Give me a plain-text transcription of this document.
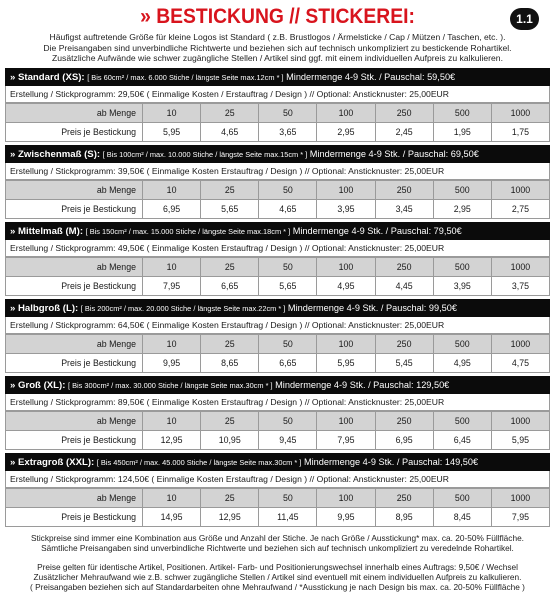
» BESTICKUNG // STICKEREI:	1.1
Häufigst auftretende Größe für kleine Logos ist Standard ( z.B. Brustlogos / Ärmelsticke / Cap / Mützen / Taschen, etc. ).
Die Preisangaben sind unverbindliche Richtwerte und beziehen sich auf technisch unkompliziert zu bestickende Rohartikel.
Zusätzliche Aufwände wie schwer zugängliche Stellen / Artikel sind ggf. mit einem individuellen Aufpreis zu kalkulieren.
» Standard (XS): [ Bis 60cm² / max. 6.000 Stiche / längste Seite max.12cm * ] Mindermenge 4-9 Stk. / Pauschal: 59,50€
Erstellung / Stickprogramm: 29,50€ ( Einmalige Kosten / Erstauftrag / Design ) // Optional: Ansticknuster: 25,00EUR
ab Menge	10	25	50	100	250	500	1000
Preis je Bestickung	5,95	4,65	3,65	2,95	2,45	1,95	1,75
» Zwischenmaß (S): [ Bis 100cm² / max. 10.000 Stiche / längste Seite max.15cm * ] Mindermenge 4-9 Stk. / Pauschal: 69,50€
Erstellung / Stickprogramm: 39,50€ ( Einmalige Kosten Erstauftrag / Design ) // Optional: Ansticknuster: 25,00EUR
ab Menge	10	25	50	100	250	500	1000
Preis je Bestickung	6,95	5,65	4,65	3,95	3,45	2,95	2,75
» Mittelmaß (M): [ Bis 150cm² / max. 15.000 Stiche / längste Seite max.18cm * ] Mindermenge 4-9 Stk. / Pauschal: 79,50€
Erstellung / Stickprogramm: 49,50€ ( Einmalige Kosten Erstauftrag / Design ) // Optional: Ansticknuster: 25,00EUR
ab Menge	10	25	50	100	250	500	1000
Preis je Bestickung	7,95	6,65	5,65	4,95	4,45	3,95	3,75
» Halbgroß (L): [ Bis 200cm² / max. 20.000 Stiche / längste Seite max.22cm * ] Mindermenge 4-9 Stk. / Pauschal: 99,50€
Erstellung / Stickprogramm: 64,50€ ( Einmalige Kosten Erstauftrag / Design ) // Optional: Ansticknuster: 25,00EUR
ab Menge	10	25	50	100	250	500	1000
Preis je Bestickung	9,95	8,65	6,65	5,95	5,45	4,95	4,75
» Groß (XL): [ Bis 300cm² / max. 30.000 Stiche / längste Seite max.30cm * ] Mindermenge 4-9 Stk. / Pauschal: 129,50€
Erstellung / Stickprogramm: 89,50€ ( Einmalige Kosten Erstauftrag / Design ) // Optional: Ansticknuster: 25,00EUR
ab Menge	10	25	50	100	250	500	1000
Preis je Bestickung	12,95	10,95	9,45	7,95	6,95	6,45	5,95
» Extragroß (XXL): [ Bis 450cm² / max. 45.000 Stiche / längste Seite max.30cm * ] Mindermenge 4-9 Stk. / Pauschal: 149,50€
Erstellung / Stickprogramm: 124,50€ ( Einmalige Kosten Erstauftrag / Design ) // Optional: Ansticknuster: 25,00EUR
ab Menge	10	25	50	100	250	500	1000
Preis je Bestickung	14,95	12,95	11,45	9,95	8,95	8,45	7,95
Stickpreise sind immer eine Kombination aus Größe und Anzahl der Stiche. Je nach Größe / Ausstickung* max. ca. 20-50% Füllfläche.
Sämtliche Preisangaben sind unverbindliche Richtwerte und beziehen sich auf technisch unkompliziert zu veredelnde Rohartikel.
Preise gelten für identische Artikel, Positionen. Artikel- Farb- und Positionierungswechsel innerhalb eines Auftrags: 9,50€ / Wechsel
Zusätzlicher Mehraufwand wie z.B. schwer zugängliche Stellen / Artikel sind eventuell mit einem individuellen Aufpreis zu kalkulieren.
( Preisangaben beziehen sich auf Standardarbeiten ohne Mehraufwand / *Ausstickung je nach Design bis max. ca. 20-50% Füllfläche )
